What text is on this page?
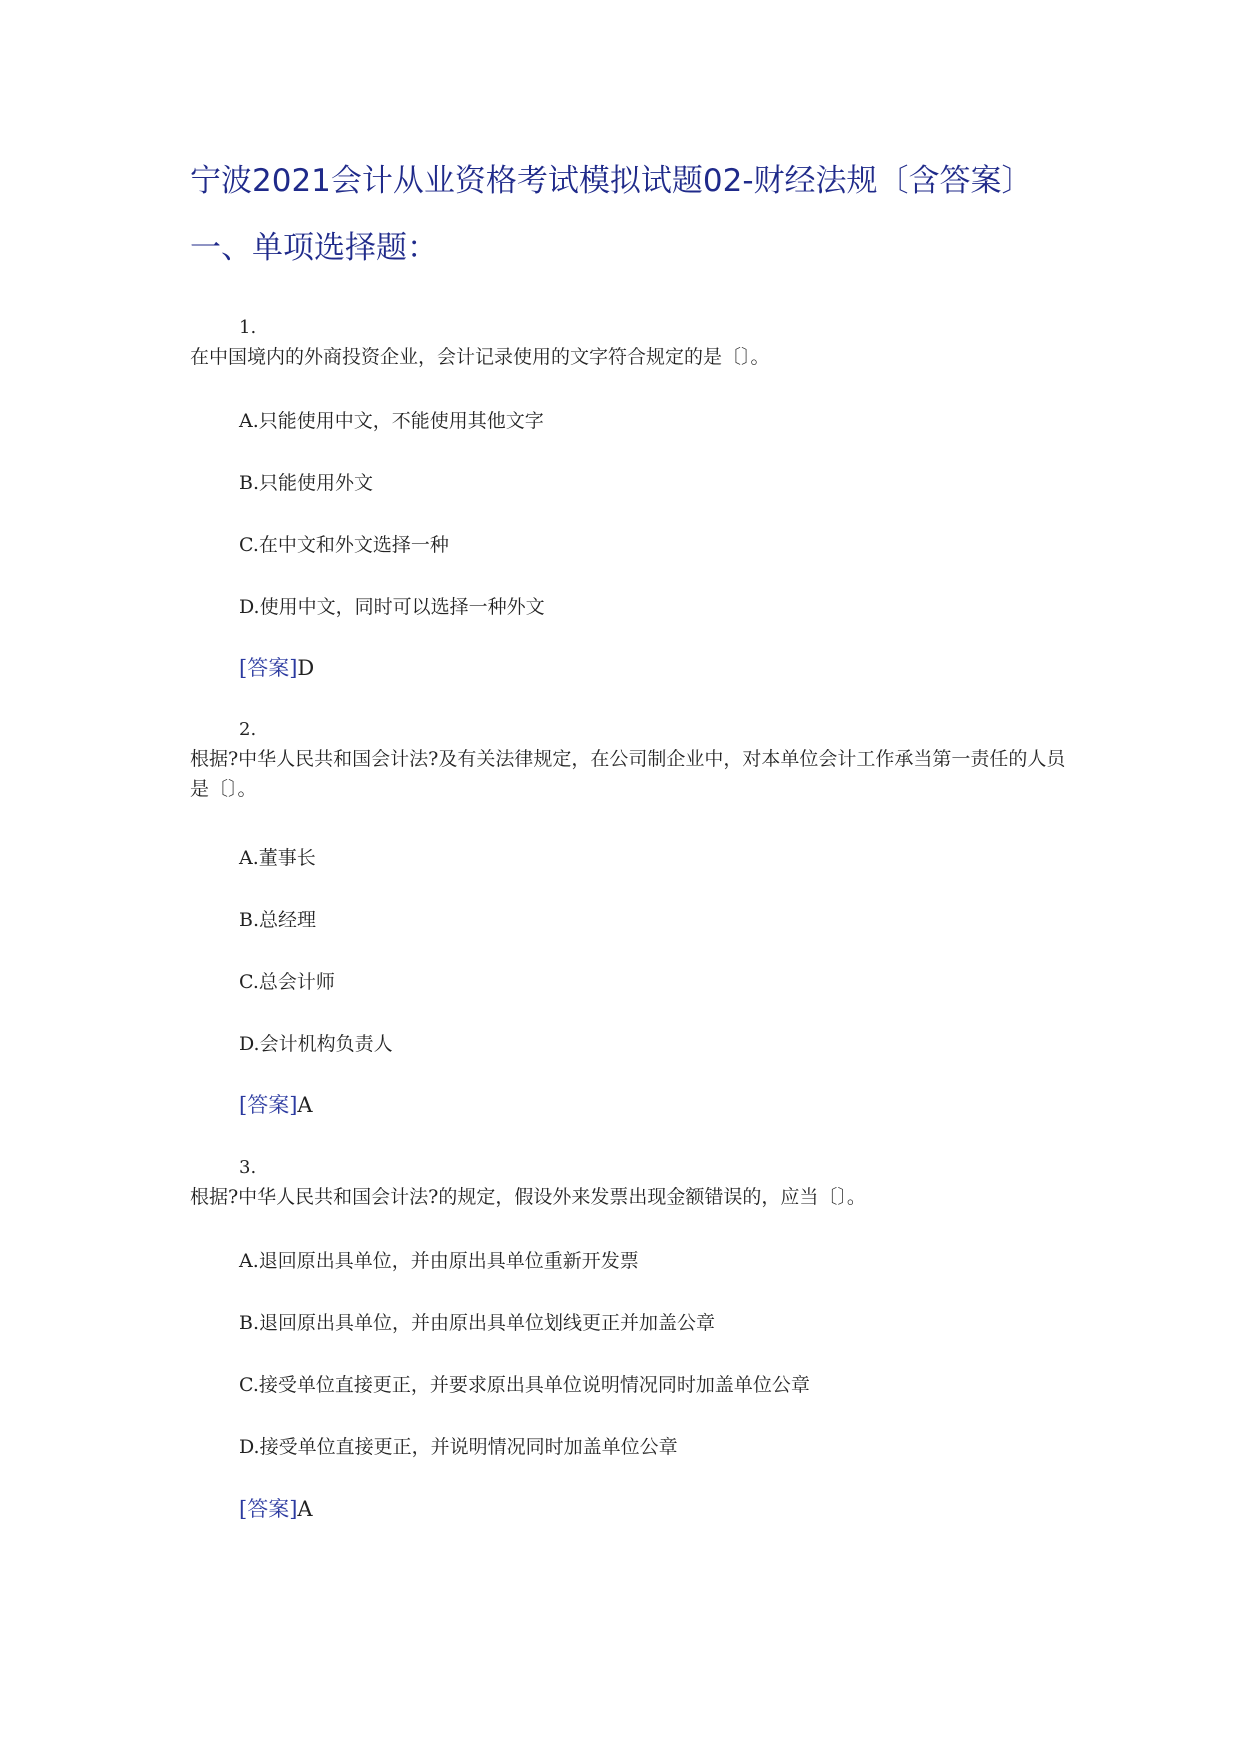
宁波2021会计从业资格考试模拟试题02-财经法规〔含答案〕
一、单项选择题：
1.
在中国境内的外商投资企业，会计记录使用的文字符合规定的是〔〕。
A.只能使用中文，不能使用其他文字
B.只能使用外文
C.在中文和外文选择一种
D.使用中文，同时可以选择一种外文
[答案]D
2.
根据?中华人民共和国会计法?及有关法律规定，在公司制企业中，对本单位会计工作承当第一责任的人员是〔〕。
A.董事长
B.总经理
C.总会计师
D.会计机构负责人
[答案]A
3.
根据?中华人民共和国会计法?的规定，假设外来发票出现金额错误的，应当〔〕。
A.退回原出具单位，并由原出具单位重新开发票
B.退回原出具单位，并由原出具单位划线更正并加盖公章
C.接受单位直接更正，并要求原出具单位说明情况同时加盖单位公章
D.接受单位直接更正，并说明情况同时加盖单位公章
[答案]A
